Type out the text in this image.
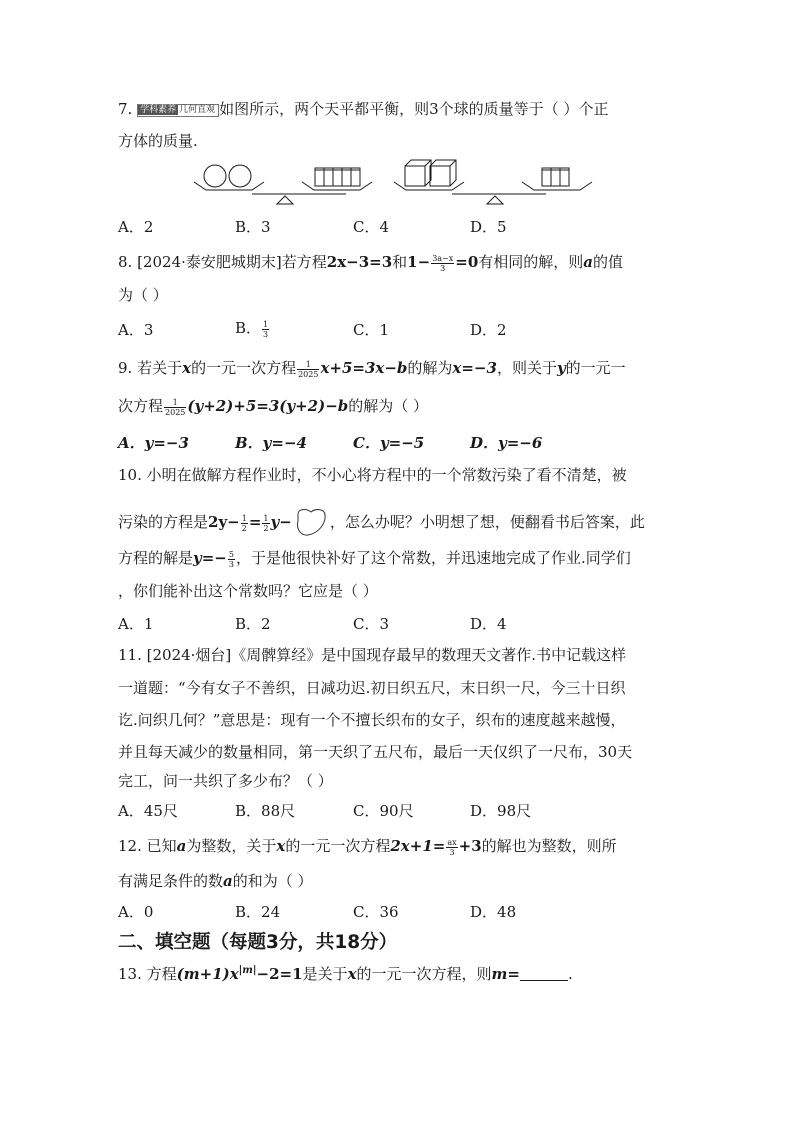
7. 学科素养 几何直观 如图所示，两个天平都平衡，则3个球的质量等于（ ）个正
方体的质量.
A．2	B．3	C．4	D．5
8. [2024·泰安肥城期末]若方程2x−3=3和$1- \frac{3a-x}{3} =0$有相同的解，则a的值
为（ ）
A．3	B． $\frac{1}{3}$	C．1	D．2
9. 若关于x的一元一次方程 $\frac{1}{2025} x+5=3x-b$的解为x=−3，则关于y的一元一
次方程 $\frac{1}{2025} (y+2)+5=3(y+2)-b$的解为（ ）
A．y=−3	B．y=−4	C．y=−5	D．y=−6
10. 小明在做解方程作业时，不小心将方程中的一个常数污染了看不清楚，被
污染的方程是$2y- \frac{1}{2} = \frac{1}{2} y-$	，怎么办呢？小明想了想，便翻看书后答案，此
方程的解是$y=- \frac{5}{3}$ ，于是他很快补好了这个常数，并迅速地完成了作业.同学们
，你们能补出这个常数吗？它应是（ ）
A．1	B．2	C．3	D．4
11. [2024·烟台]《周髀算经》是中国现存最早的数理天文著作.书中记载这样
一道题：“今有女子不善织，日减功迟.初日织五尺，末日织一尺，今三十日织
讫.问织几何？”意思是：现有一个不擅长织布的女子，织布的速度越来越慢，
并且每天减少的数量相同，第一天织了五尺布，最后一天仅织了一尺布，30天
完工，问一共织了多少布？（ ）
A．45尺	B．88尺	C．90尺	D．98尺
12. 已知a为整数，关于x的一元一次方程$2x+1= \frac{ax}{3} +3$的解也为整数，则所
有满足条件的数a的和为（ ）
A．0	B．24	C．36	D．48
二、填空题（每题3分，共18分）
13. 方程$(m+1)x^{|m|}-2=1$是关于x的一元一次方程，则m=	.
